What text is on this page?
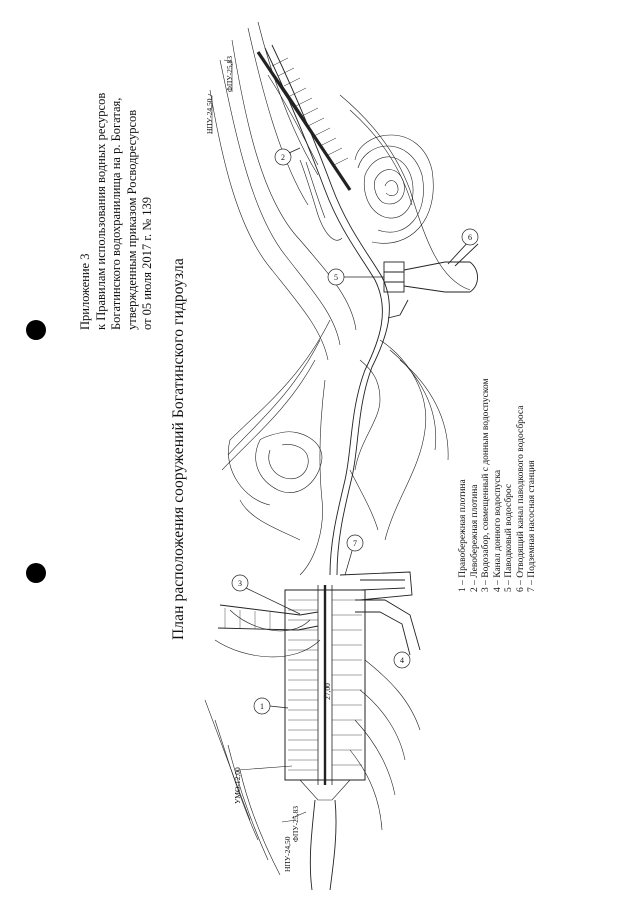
Приложение 3 к Правилам использования водных ресурсов Богатинского водохранилища на р. Богатая, утвержденным приказом Росводресурсов от 05 июля 2017 г. № 139 План расположения сооружений Богатинского гидроузла	1 – Правобережная плотина 2 – Левобережная плотина 3 – Водозабор, совмещенный с донным водоспуском 4 – Канал донного водоспуска 5 – Паводковый водосброс 6 – Отводящий канал паводкового водосброса 7 – Подземная насосная станция
1
2
3
4
5
6
7
ФПУ-25,83
НПУ-24,50
УМО-12,00
НПУ-24,50
ФПУ-25,83
27,00
